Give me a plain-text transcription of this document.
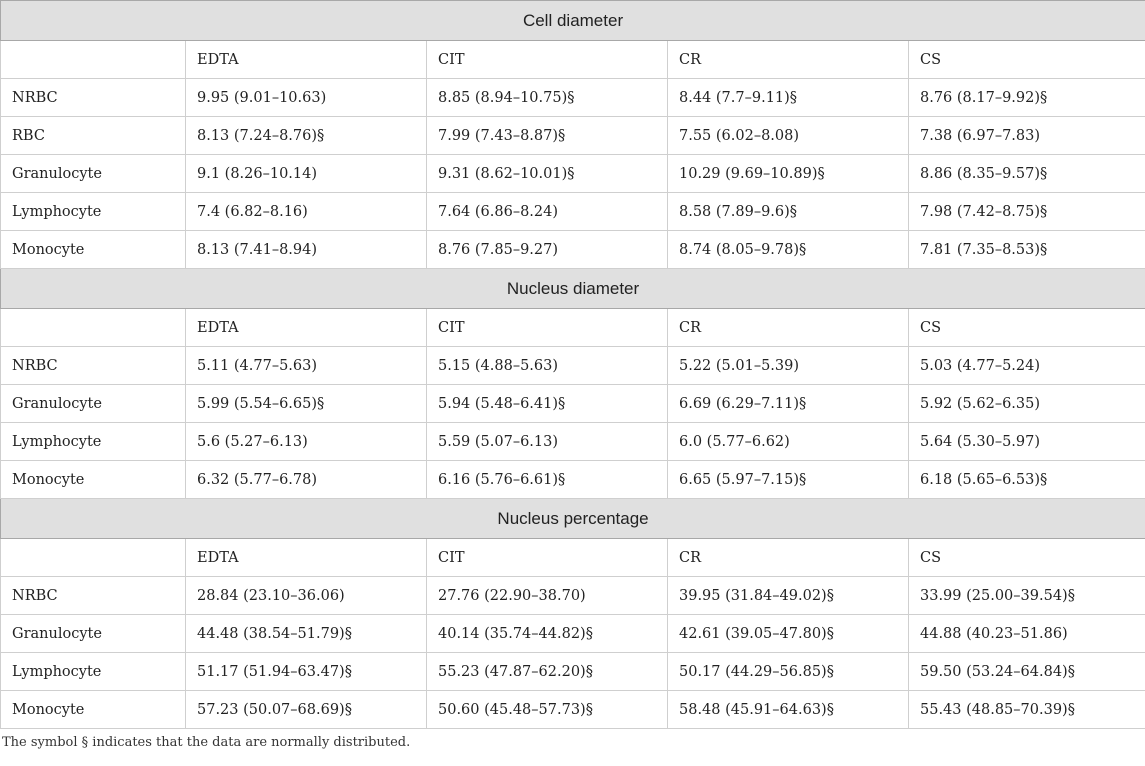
Cell diameter				
	EDTA	CIT	CR	CS
NRBC	9.95 (9.01–10.63)	8.85 (8.94–10.75)§	8.44 (7.7–9.11)§	8.76 (8.17–9.92)§
RBC	8.13 (7.24–8.76)§	7.99 (7.43–8.87)§	7.55 (6.02–8.08)	7.38 (6.97–7.83)
Granulocyte	9.1 (8.26–10.14)	9.31 (8.62–10.01)§	10.29 (9.69–10.89)§	8.86 (8.35–9.57)§
Lymphocyte	7.4 (6.82–8.16)	7.64 (6.86–8.24)	8.58 (7.89–9.6)§	7.98 (7.42–8.75)§
Monocyte	8.13 (7.41–8.94)	8.76 (7.85–9.27)	8.74 (8.05–9.78)§	7.81 (7.35–8.53)§
Nucleus diameter				
	EDTA	CIT	CR	CS
NRBC	5.11 (4.77–5.63)	5.15 (4.88–5.63)	5.22 (5.01–5.39)	5.03 (4.77–5.24)
Granulocyte	5.99 (5.54–6.65)§	5.94 (5.48–6.41)§	6.69 (6.29–7.11)§	5.92 (5.62–6.35)
Lymphocyte	5.6 (5.27–6.13)	5.59 (5.07–6.13)	6.0 (5.77–6.62)	5.64 (5.30–5.97)
Monocyte	6.32 (5.77–6.78)	6.16 (5.76–6.61)§	6.65 (5.97–7.15)§	6.18 (5.65–6.53)§
Nucleus percentage				
	EDTA	CIT	CR	CS
NRBC	28.84 (23.10–36.06)	27.76 (22.90–38.70)	39.95 (31.84–49.02)§	33.99 (25.00–39.54)§
Granulocyte	44.48 (38.54–51.79)§	40.14 (35.74–44.82)§	42.61 (39.05–47.80)§	44.88 (40.23–51.86)
Lymphocyte	51.17 (51.94–63.47)§	55.23 (47.87–62.20)§	50.17 (44.29–56.85)§	59.50 (53.24–64.84)§
Monocyte	57.23 (50.07–68.69)§	50.60 (45.48–57.73)§	58.48 (45.91–64.63)§	55.43 (48.85–70.39)§
The symbol § indicates that the data are normally distributed.
